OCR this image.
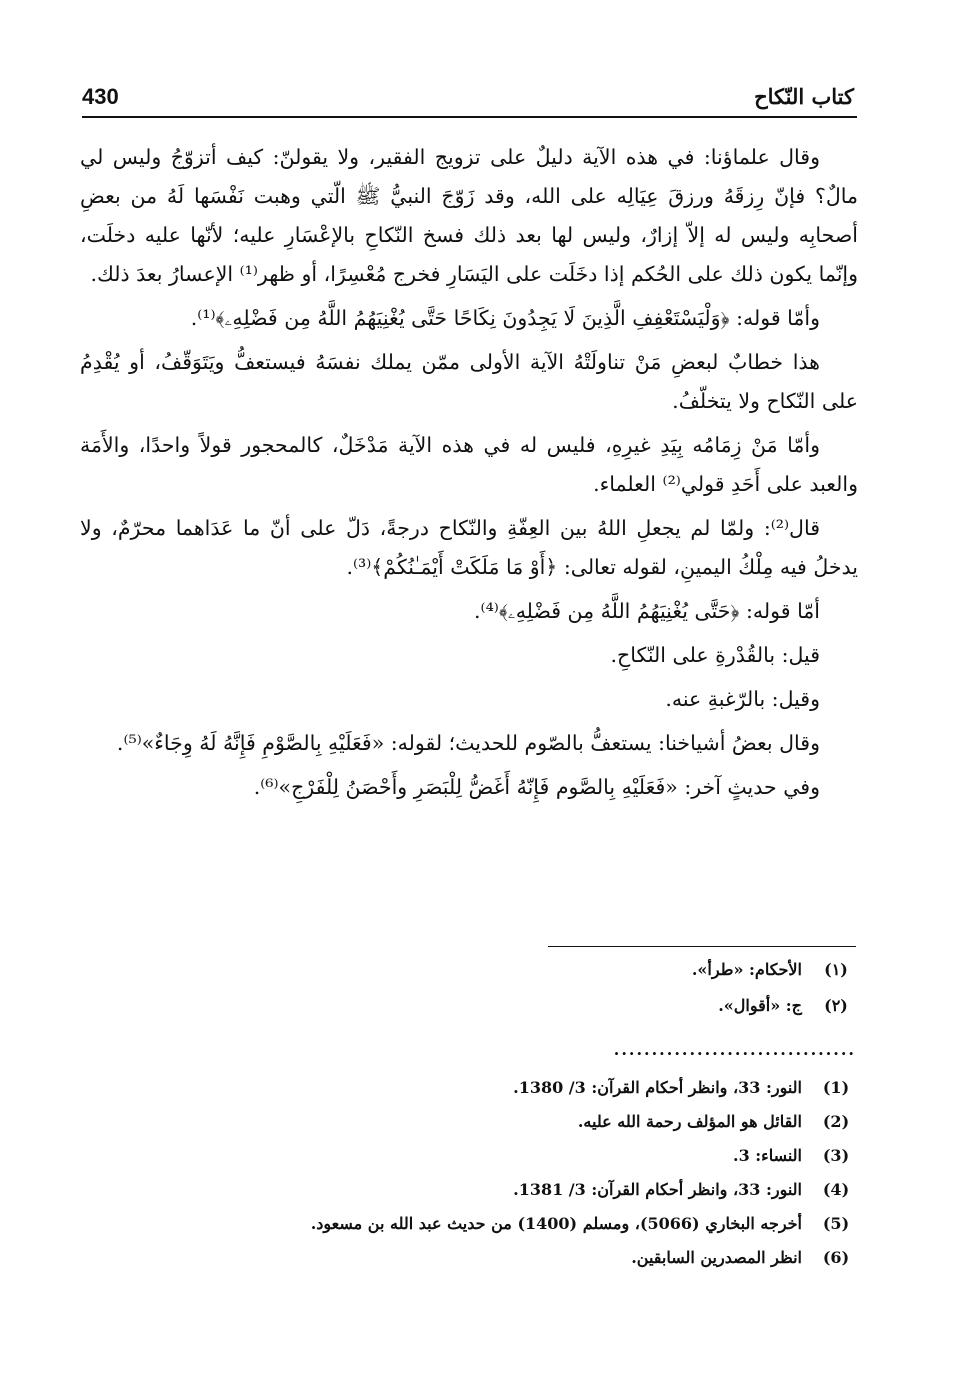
430	كتاب النّكاح

وقال علماؤنا: في هذه الآية دليلٌ على تزويج الفقير، ولا يقولنّ: كيف أتزوّجُ وليس لي مالٌ؟ فإنّ رِزقَهُ ورزقَ عِيَالِه على الله، وقد زَوّجَ النبيُّ ﷺ الّتي وهبت نَفْسَها لَهُ من بعضِ أصحابِه وليس له إلاّ إزارٌ، وليس لها بعد ذلك فسخ النّكاحِ بالإعْسَارِ عليه؛ لأنّها عليه دخلَت، وإنّما يكون ذلك على الحُكم إذا دخَلَت على اليَسَارِ فخرج مُعْسِرًا، أو ظهر⁽¹⁾ الإعسارُ بعدَ ذلك.

وأمّا قوله: ﴿وَلْيَسْتَعْفِفِ الَّذِينَ لَا يَجِدُونَ نِكَاحًا حَتَّى يُغْنِيَهُمُ اللَّهُ مِن فَضْلِهِۦ﴾⁽¹⁾.

هذا خطابٌ لبعضِ مَنْ تناولَتْهُ الآية الأولى ممّن يملك نفسَهُ فيستعفُّ ويَتَوَقّفُ، أو يُقْدِمُ على النّكاح ولا يتخلّفُ.

وأمّا مَنْ زِمَامُه بِيَدِ غيرِهِ، فليس له في هذه الآية مَدْخَلٌ، كالمحجور قولاً واحدًا، والأَمَة والعبد على أَحَدِ قولي⁽²⁾ العلماء.

قال⁽²⁾: ولمّا لم يجعلِ اللهُ بين العِفّةِ والنّكاح درجةً، دَلّ على أنّ ما عَدَاهما محرّمٌ، ولا يدخلُ فيه مِلْكُ اليمينِ، لقوله تعالى: ﴿أَوْ مَا مَلَكَتْ أَيْمَـٰنُكُمْ﴾⁽³⁾.

أمّا قوله: ﴿حَتَّى يُغْنِيَهُمُ اللَّهُ مِن فَضْلِهِۦ﴾⁽⁴⁾.

قيل: بالقُدْرةِ على النّكاحِ.

وقيل: بالرّغبةِ عنه.

وقال بعضُ أشياخنا: يستعفُّ بالصّوم للحديث؛ لقوله: «فَعَلَيْهِ بِالصَّوْمِ فَإِنَّهُ لَهُ وِجَاءٌ»⁽⁵⁾.

وفي حديثٍ آخر: «فَعَلَيْهِ بِالصَّوم فَإِنّهُ أَغَضُّ لِلْبَصَرِ وأَحْصَنُ لِلْفَرْجِ»⁽⁶⁾.

(١)
الأحكام: «طرأ».
(٢)
ج: «أقوال».
................................
(1)
النور: 33، وانظر أحكام القرآن: 3/ 1380.
(2)
القائل هو المؤلف رحمة الله عليه.
(3)
النساء: 3.
(4)
النور: 33، وانظر أحكام القرآن: 3/ 1381.
(5)
أخرجه البخاري (5066)، ومسلم (1400) من حديث عبد الله بن مسعود.
(6)
انظر المصدرين السابقين.
